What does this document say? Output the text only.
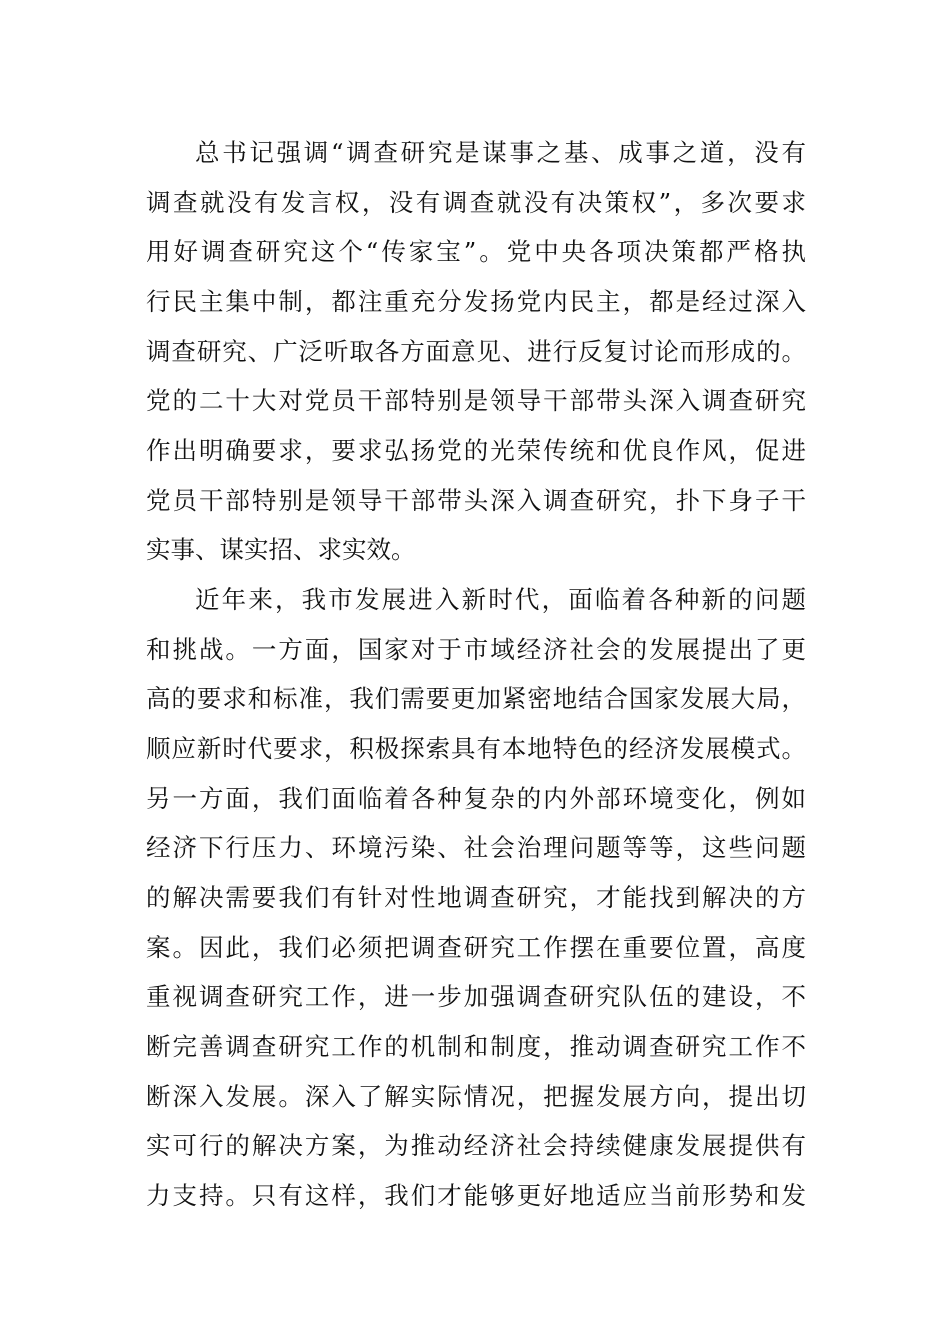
总书记强调“调查研究是谋事之基、成事之道，没有
调查就没有发言权，没有调查就没有决策权”，多次要求
用好调查研究这个“传家宝”。党中央各项决策都严格执
行民主集中制，都注重充分发扬党内民主，都是经过深入
调查研究、广泛听取各方面意见、进行反复讨论而形成的。
党的二十大对党员干部特别是领导干部带头深入调查研究
作出明确要求，要求弘扬党的光荣传统和优良作风，促进
党员干部特别是领导干部带头深入调查研究，扑下身子干
实事、谋实招、求实效。
近年来，我市发展进入新时代，面临着各种新的问题
和挑战。一方面，国家对于市域经济社会的发展提出了更
高的要求和标准，我们需要更加紧密地结合国家发展大局，
顺应新时代要求，积极探索具有本地特色的经济发展模式。
另一方面，我们面临着各种复杂的内外部环境变化，例如
经济下行压力、环境污染、社会治理问题等等，这些问题
的解决需要我们有针对性地调查研究，才能找到解决的方
案。因此，我们必须把调查研究工作摆在重要位置，高度
重视调查研究工作，进一步加强调查研究队伍的建设，不
断完善调查研究工作的机制和制度，推动调查研究工作不
断深入发展。深入了解实际情况，把握发展方向，提出切
实可行的解决方案，为推动经济社会持续健康发展提供有
力支持。只有这样，我们才能够更好地适应当前形势和发
